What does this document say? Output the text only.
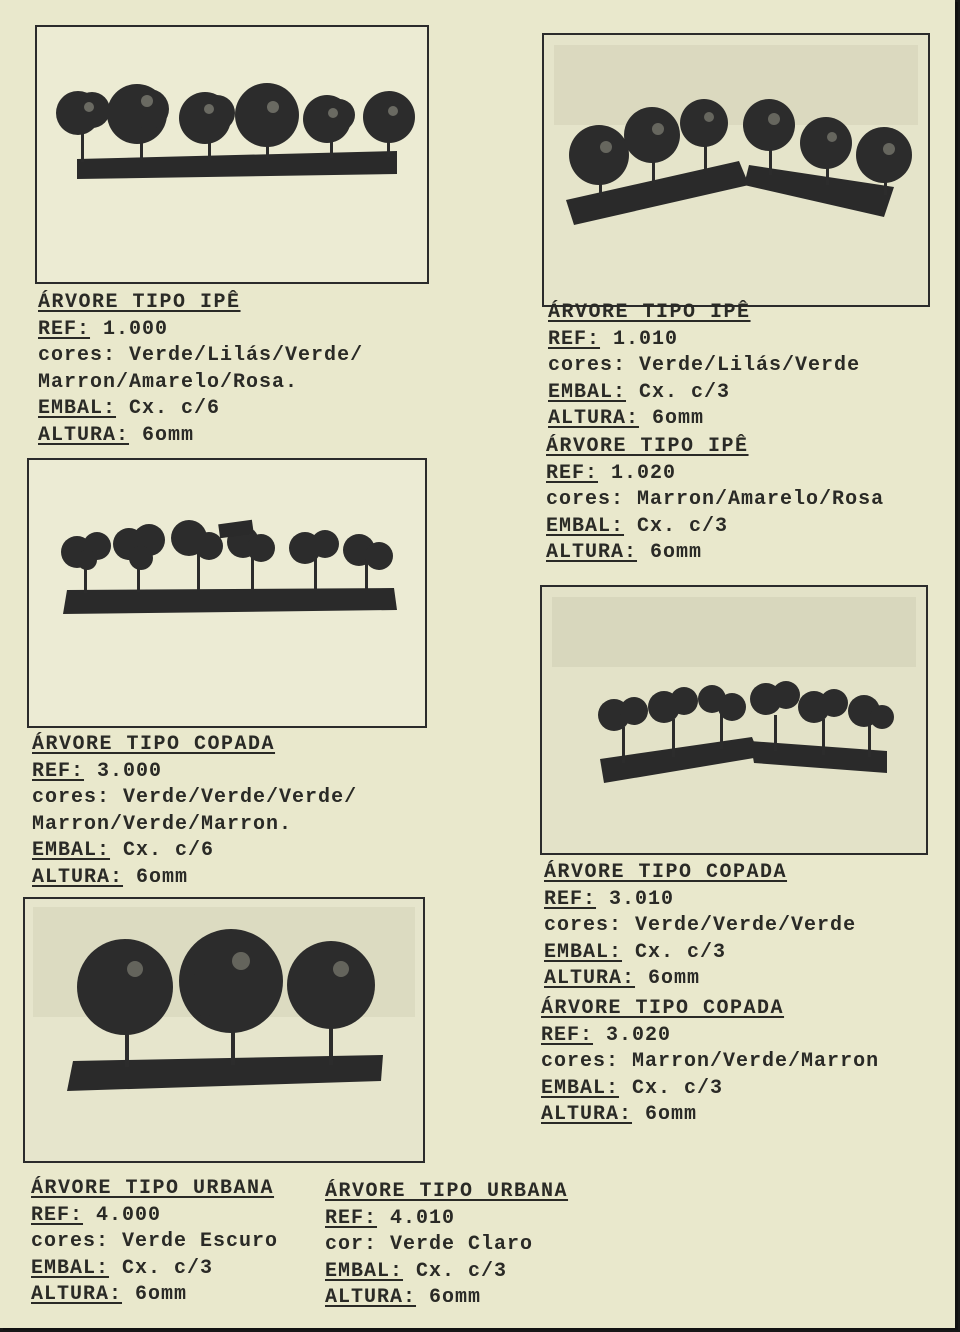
ÁRVORE TIPO IPÊ
REF: 1.000
cores: Verde/Lilás/Verde/
Marron/Amarelo/Rosa.
EMBAL: Cx. c/6
ALTURA: 6omm
ÁRVORE TIPO IPÊ
REF: 1.010
cores: Verde/Lilás/Verde
EMBAL: Cx. c/3
ALTURA: 6omm
ÁRVORE TIPO IPÊ
REF: 1.020
cores: Marron/Amarelo/Rosa
EMBAL: Cx. c/3
ALTURA: 6omm
ÁRVORE TIPO COPADA
REF: 3.000
cores: Verde/Verde/Verde/
Marron/Verde/Marron.
EMBAL: Cx. c/6
ALTURA: 6omm	ÁRVORE TIPO COPADA
REF: 3.010
cores: Verde/Verde/Verde
EMBAL: Cx. c/3
ALTURA: 6omm
ÁRVORE TIPO COPADA
REF: 3.020
cores: Marron/Verde/Marron
EMBAL: Cx. c/3
ALTURA: 6omm
ÁRVORE TIPO URBANA
REF: 4.000
cores: Verde Escuro
EMBAL: Cx. c/3
ALTURA: 6omm
ÁRVORE TIPO URBANA
REF: 4.010
cor: Verde Claro
EMBAL: Cx. c/3
ALTURA: 6omm
